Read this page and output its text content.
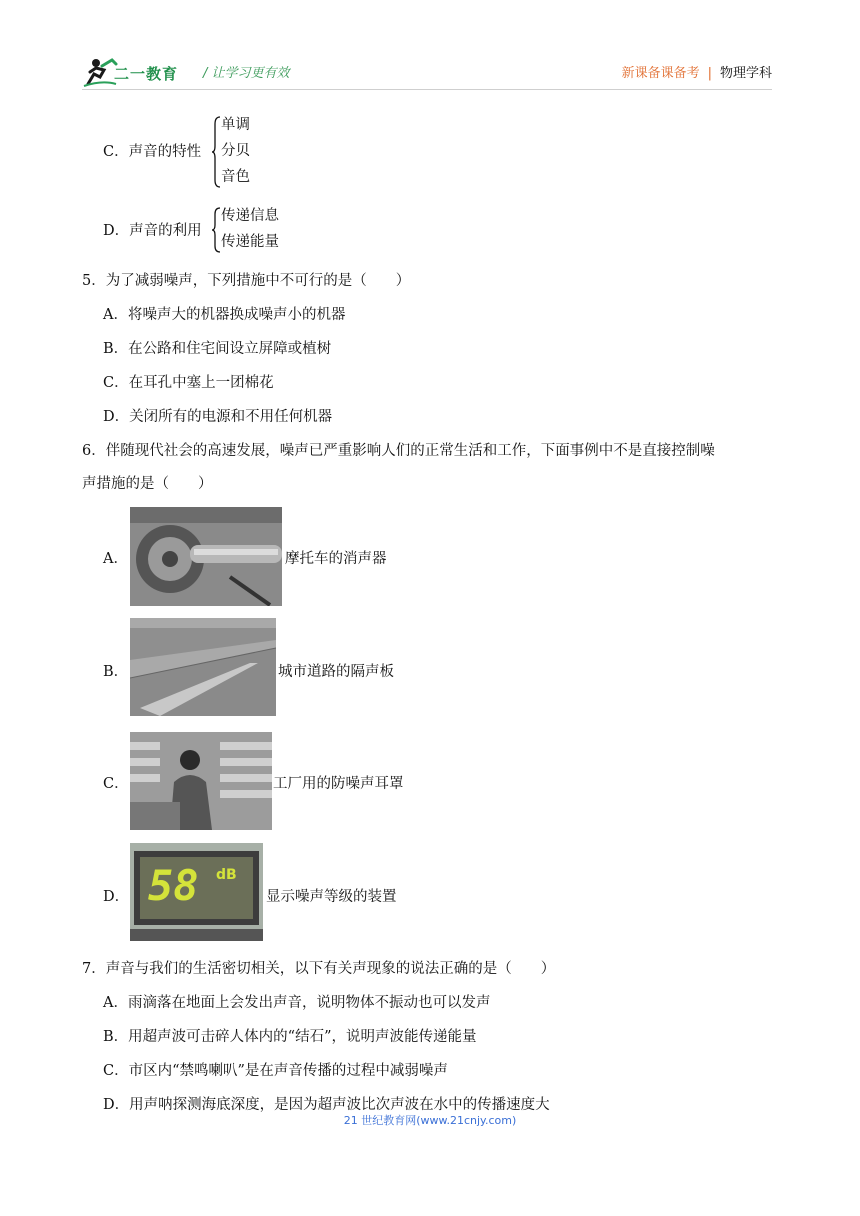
二一教育 / 让学习更有效	新课备课备考 | 物理学科
C．声音的特性
单调
分贝
音色
D．声音的利用
传递信息
传递能量
5．为了减弱噪声，下列措施中不可行的是（　　）
A．将噪声大的机器换成噪声小的机器
B．在公路和住宅间设立屏障或植树
C．在耳孔中塞上一团棉花
D．关闭所有的电源和不用任何机器
6．伴随现代社会的高速发展，噪声已严重影响人们的正常生活和工作，下面事例中不是直接控制噪
声措施的是（　　）
A．	摩托车的消声器
B．	城市道路的隔声板
C．	工厂用的防噪声耳罩
D． 58 dB
显示噪声等级的装置
7．声音与我们的生活密切相关，以下有关声现象的说法正确的是（　　）
A．雨滴落在地面上会发出声音，说明物体不振动也可以发声
B．用超声波可击碎人体内的“结石”，说明声波能传递能量
C．市区内“禁鸣喇叭”是在声音传播的过程中减弱噪声
D．用声呐探测海底深度，是因为超声波比次声波在水中的传播速度大
21 世纪教育网(www.21cnjy.com)
